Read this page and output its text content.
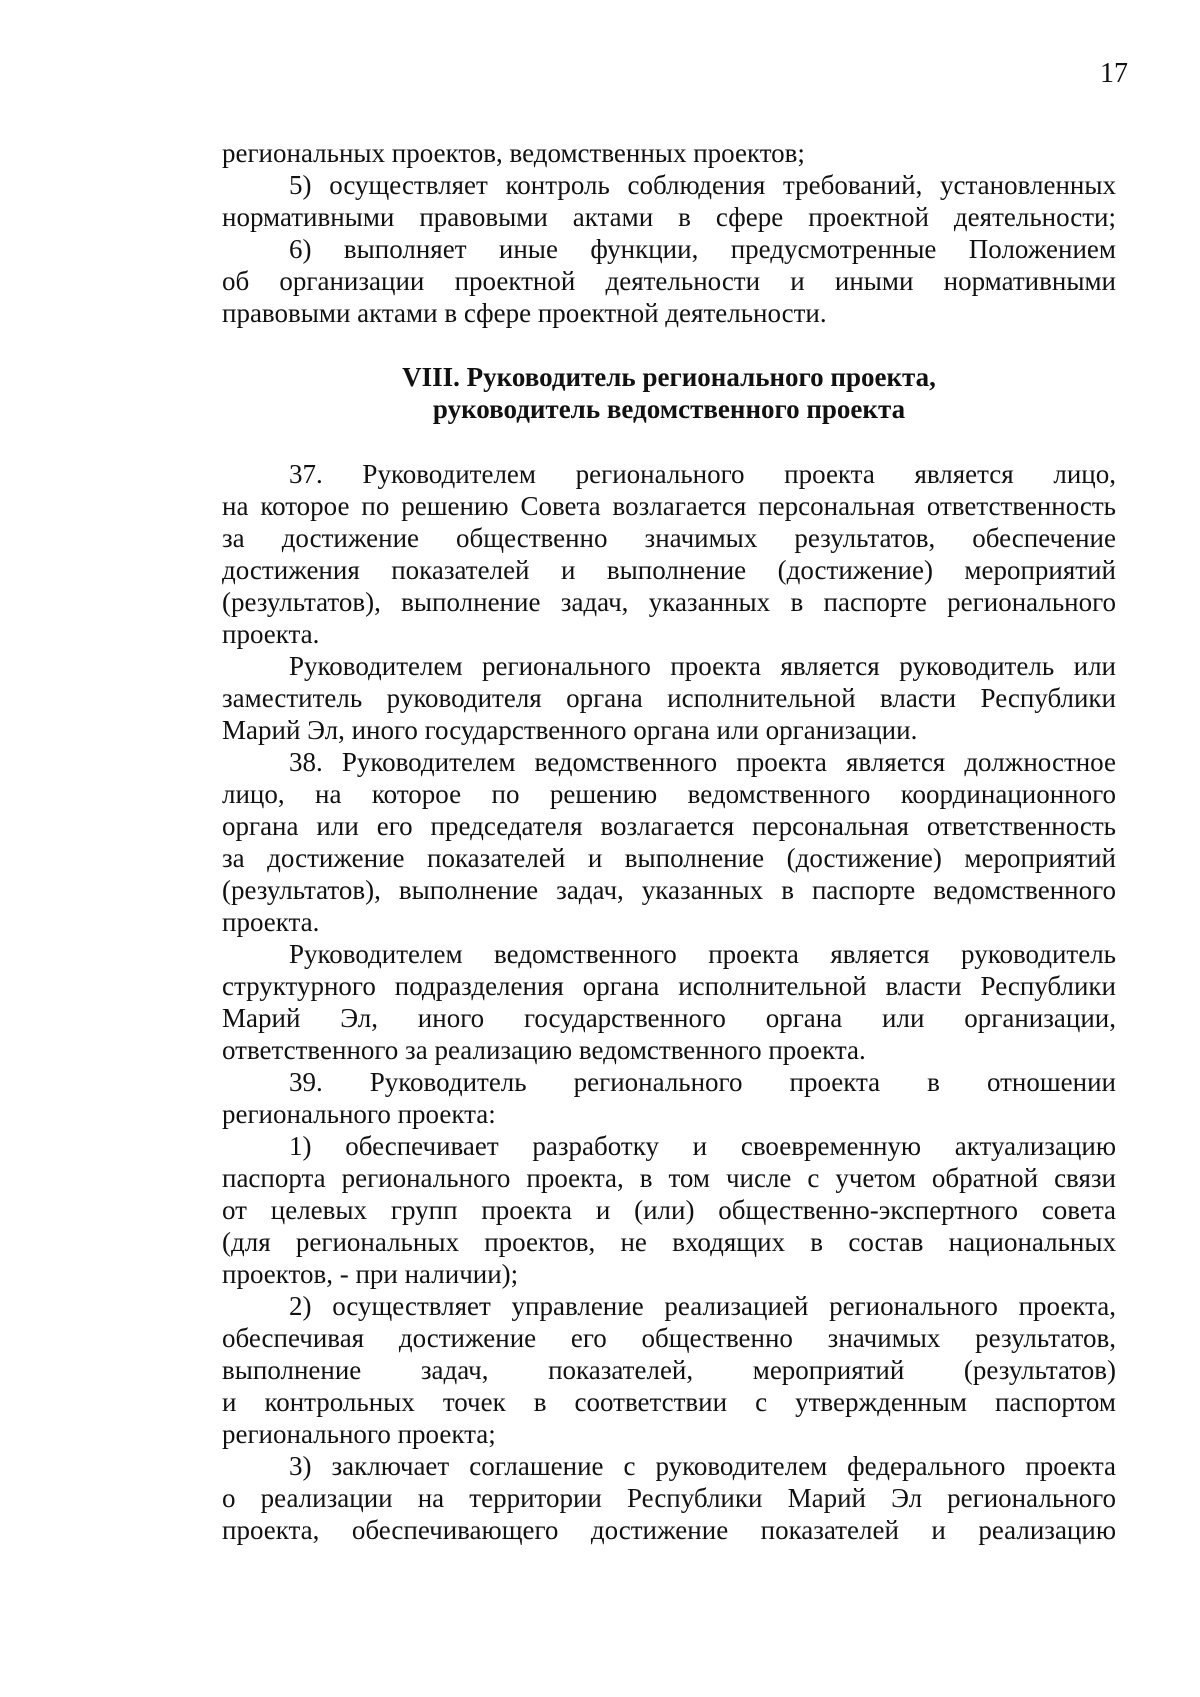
17
региональных проектов, ведомственных проектов;
5) осуществляет контроль соблюдения требований, установленных
нормативными правовыми актами в сфере проектной деятельности;
6) выполняет иные функции, предусмотренные Положением
об организации проектной деятельности и иными нормативными
правовыми актами в сфере проектной деятельности.
VIII. Руководитель регионального проекта,
руководитель ведомственного проекта
37. Руководителем регионального проекта является лицо,
на которое по решению Совета возлагается персональная ответственность
за достижение общественно значимых результатов, обеспечение
достижения показателей и выполнение (достижение) мероприятий
(результатов), выполнение задач, указанных в паспорте регионального
проекта.
Руководителем регионального проекта является руководитель или
заместитель руководителя органа исполнительной власти Республики
Марий Эл, иного государственного органа или организации.
38. Руководителем ведомственного проекта является должностное
лицо, на которое по решению ведомственного координационного
органа или его председателя возлагается персональная ответственность
за достижение показателей и выполнение (достижение) мероприятий
(результатов), выполнение задач, указанных в паспорте ведомственного
проекта.
Руководителем ведомственного проекта является руководитель
структурного подразделения органа исполнительной власти Республики
Марий Эл, иного государственного органа или организации,
ответственного за реализацию ведомственного проекта.
39. Руководитель регионального проекта в отношении
регионального проекта:
1) обеспечивает разработку и своевременную актуализацию
паспорта регионального проекта, в том числе с учетом обратной связи
от целевых групп проекта и (или) общественно-экспертного совета
(для региональных проектов, не входящих в состав национальных
проектов, - при наличии);
2) осуществляет управление реализацией регионального проекта,
обеспечивая достижение его общественно значимых результатов,
выполнение задач, показателей, мероприятий (результатов)
и контрольных точек в соответствии с утвержденным паспортом
регионального проекта;
3) заключает соглашение с руководителем федерального проекта
о реализации на территории Республики Марий Эл регионального
проекта, обеспечивающего достижение показателей и реализацию
